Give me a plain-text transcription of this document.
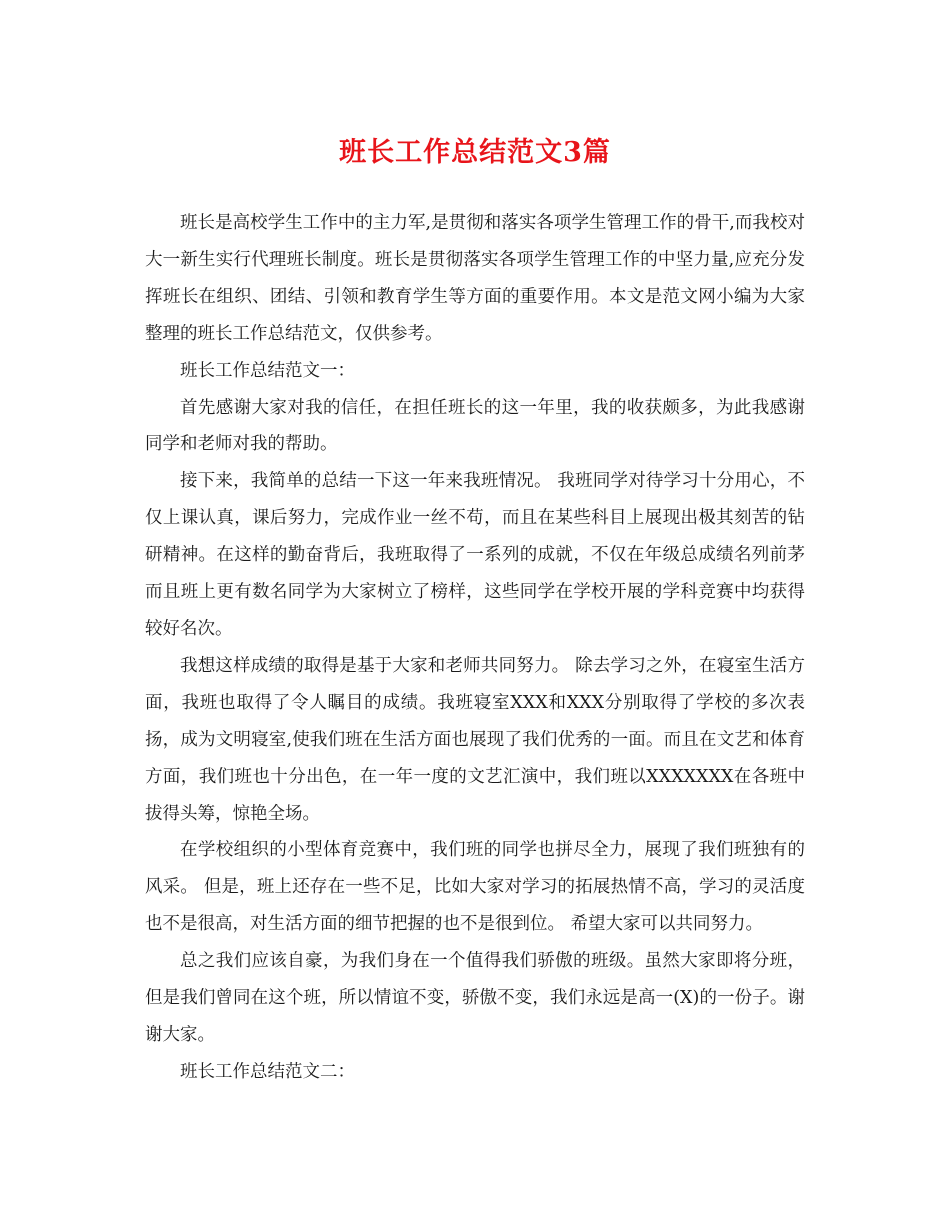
班长工作总结范文3篇

班长是高校学生工作中的主力军,是贯彻和落实各项学生管理工作的骨干,而我校对大一新生实行代理班长制度。班长是贯彻落实各项学生管理工作的中坚力量,应充分发挥班长在组织、团结、引领和教育学生等方面的重要作用。本文是范文网小编为大家整理的班长工作总结范文，仅供参考。

班长工作总结范文一：

首先感谢大家对我的信任，在担任班长的这一年里，我的收获颇多，为此我感谢同学和老师对我的帮助。

接下来，我简单的总结一下这一年来我班情况。 我班同学对待学习十分用心，不仅上课认真，课后努力，完成作业一丝不苟，而且在某些科目上展现出极其刻苦的钻研精神。在这样的勤奋背后，我班取得了一系列的成就，不仅在年级总成绩名列前茅而且班上更有数名同学为大家树立了榜样，这些同学在学校开展的学科竞赛中均获得较好名次。

我想这样成绩的取得是基于大家和老师共同努力。 除去学习之外，在寝室生活方面，我班也取得了令人瞩目的成绩。我班寝室XXX和XXX分别取得了学校的多次表扬，成为文明寝室,使我们班在生活方面也展现了我们优秀的一面。而且在文艺和体育方面，我们班也十分出色，在一年一度的文艺汇演中，我们班以XXXXXXX在各班中拔得头筹，惊艳全场。

在学校组织的小型体育竞赛中，我们班的同学也拼尽全力，展现了我们班独有的风采。 但是，班上还存在一些不足，比如大家对学习的拓展热情不高，学习的灵活度也不是很高，对生活方面的细节把握的也不是很到位。 希望大家可以共同努力。

总之我们应该自豪，为我们身在一个值得我们骄傲的班级。虽然大家即将分班，但是我们曾同在这个班，所以情谊不变，骄傲不变，我们永远是高一(X)的一份子。谢谢大家。

班长工作总结范文二：
